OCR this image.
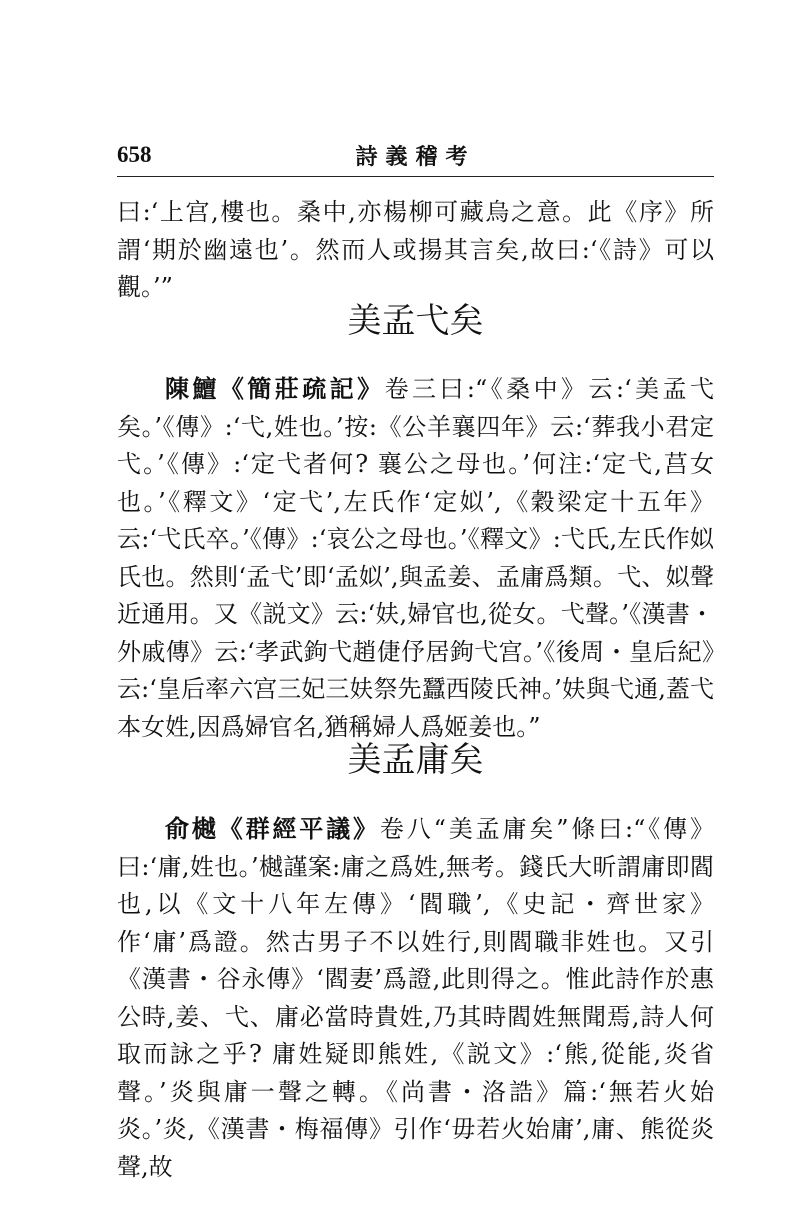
658	詩義稽考
曰:‘上宫,樓也。桑中,亦楊柳可藏烏之意。此《序》所謂‘期於幽遠也’。然而人或揚其言矣,故曰:‘《詩》可以觀。’”
美孟弋矣
陳鱣《簡莊疏記》卷三曰:“《桑中》云:‘美孟弋矣。’《傳》:‘弋,姓也。’按:《公羊襄四年》云:‘葬我小君定弋。’《傳》:‘定弋者何? 襄公之母也。’何注:‘定弋,莒女也。’《釋文》‘定弋’,左氏作‘定姒’,《穀梁定十五年》云:‘弋氏卒。’《傳》:‘哀公之母也。’《釋文》:弋氏,左氏作姒氏也。然則‘孟弋’即‘孟姒’,與孟姜、孟庸爲類。弋、姒聲近通用。又《説文》云:‘妋,婦官也,從女。弋聲。’《漢書・外戚傳》云:‘孝武鉤弋趙倢伃居鉤弋宫。’《後周・皇后紀》云:‘皇后率六宫三妃三妋祭先蠶西陵氏神。’妋與弋通,蓋弋本女姓,因爲婦官名,猶稱婦人爲姬姜也。”
美孟庸矣
俞樾《群經平議》卷八“美孟庸矣”條曰:“《傳》曰:‘庸,姓也。’樾謹案:庸之爲姓,無考。錢氏大昕謂庸即閻也,以《文十八年左傳》‘閻職’,《史記・齊世家》作‘庸’爲證。然古男子不以姓行,則閻職非姓也。又引《漢書・谷永傳》‘閻妻’爲證,此則得之。惟此詩作於惠公時,姜、弋、庸必當時貴姓,乃其時閻姓無聞焉,詩人何取而詠之乎? 庸姓疑即熊姓,《説文》:‘熊,從能,炎省聲。’炎與庸一聲之轉。《尚書・洛誥》篇:‘無若火始炎。’炎,《漢書・梅福傳》引作‘毋若火始庸’,庸、熊從炎聲,故
